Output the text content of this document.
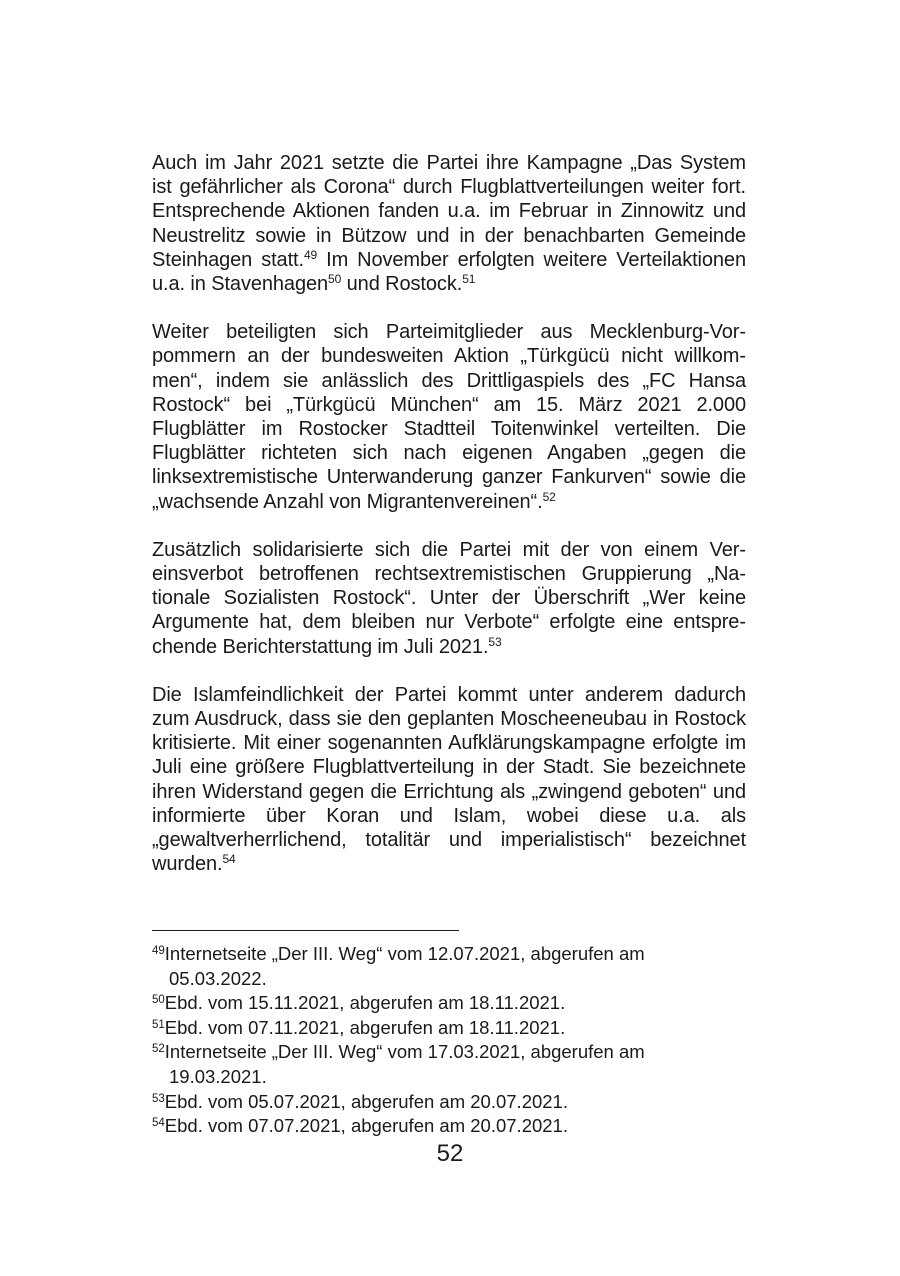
Auch im Jahr 2021 setzte die Partei ihre Kampagne „Das System ist gefährlicher als Corona“ durch Flugblattverteilungen weiter fort. Entsprechende Aktionen fanden u.a. im Februar in Zinnowitz und Neustrelitz sowie in Bützow und in der benachbarten Gemeinde Steinhagen statt.$^{49}$ Im November erfolgten weitere Verteilaktionen u.a. in Stavenhagen$^{50}$ und Rostock.$^{51}$

Weiter beteiligten sich Parteimitglieder aus Mecklenburg-Vorpommern an der bundesweiten Aktion „Türkgücü nicht willkommen“, indem sie anlässlich des Drittligaspiels des „FC Hansa Rostock“ bei „Türkgücü München“ am 15. März 2021 2.000 Flugblätter im Rostocker Stadtteil Toitenwinkel verteilten. Die Flugblätter richteten sich nach eigenen Angaben „gegen die linksextremistische Unterwanderung ganzer Fankurven“ sowie die „wachsende Anzahl von Migrantenvereinen“.$^{52}$

Zusätzlich solidarisierte sich die Partei mit der von einem Vereinsverbot betroffenen rechtsextremistischen Gruppierung „Nationale Sozialisten Rostock“. Unter der Überschrift „Wer keine Argumente hat, dem bleiben nur Verbote“ erfolgte eine entsprechende Berichterstattung im Juli 2021.53

Die Islamfeindlichkeit der Partei kommt unter anderem dadurch zum Ausdruck, dass sie den geplanten Moscheeneubau in Rostock kritisierte. Mit einer sogenannten Aufklärungskampagne erfolgte im Juli eine größere Flugblattverteilung in der Stadt. Sie bezeichnete ihren Widerstand gegen die Errichtung als „zwingend geboten“ und informierte über Koran und Islam, wobei diese u.a. als „gewaltverherrlichend, totalitär und imperialistisch“ bezeichnet wurden.$^{54}$

$^{49}$Internetseite „Der III. Weg“ vom 12.07.2021, abgerufen am 05.03.2022.

$^{50}$Ebd. vom 15.11.2021, abgerufen am 18.11.2021.

$^{51}$Ebd. vom 07.11.2021, abgerufen am 18.11.2021.

$^{52}$Internetseite „Der III. Weg“ vom 17.03.2021, abgerufen am 19.03.2021.

$^{53}$Ebd. vom 05.07.2021, abgerufen am 20.07.2021.

$^{54}$Ebd. vom 07.07.2021, abgerufen am 20.07.2021.

52
